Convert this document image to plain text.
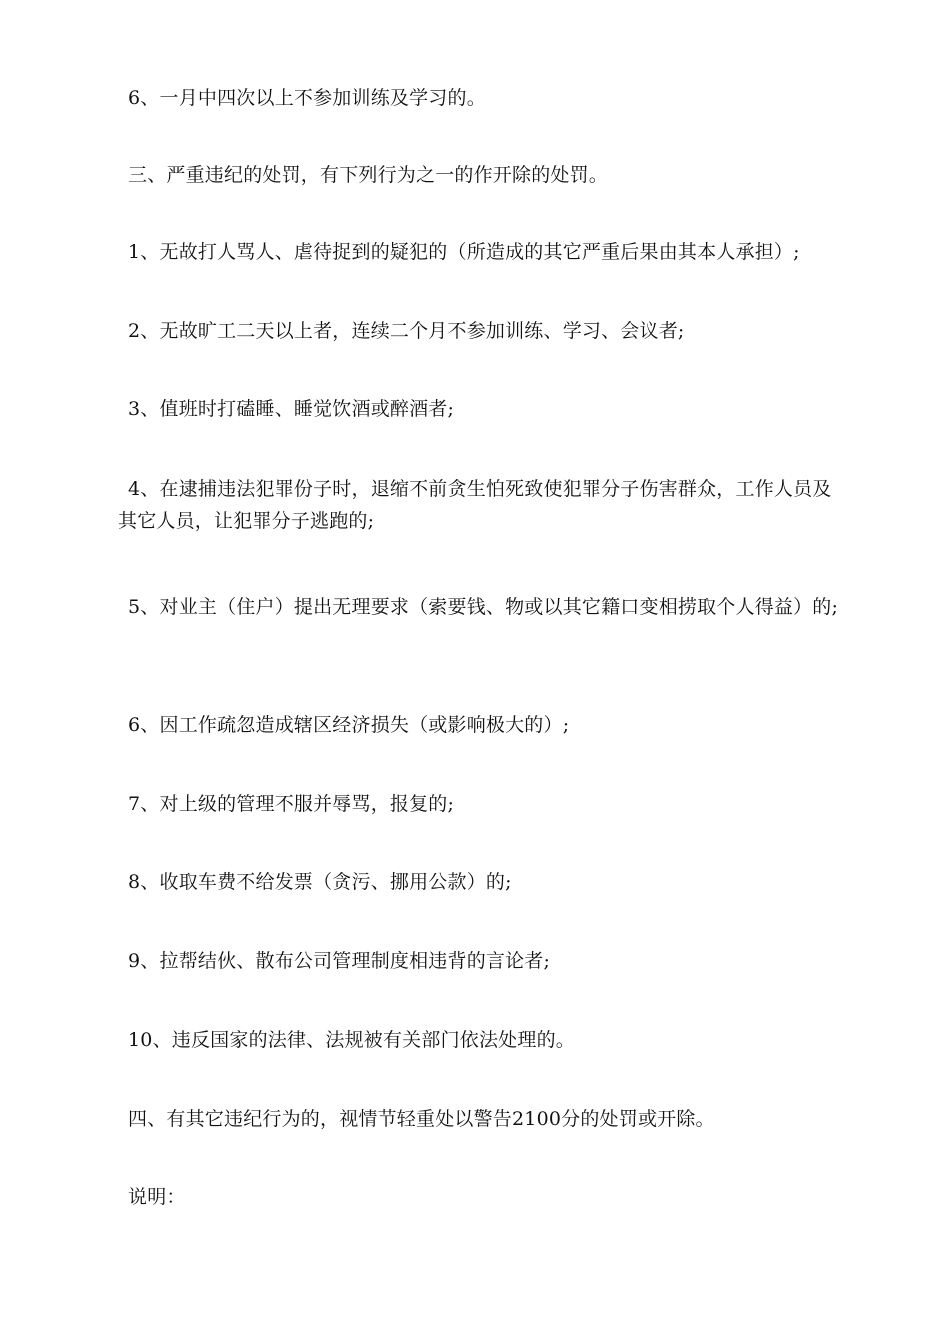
6、一月中四次以上不参加训练及学习的。

三、严重违纪的处罚，有下列行为之一的作开除的处罚。

1、无故打人骂人、虐待捉到的疑犯的（所造成的其它严重后果由其本人承担）;

2、无故旷工二天以上者，连续二个月不参加训练、学习、会议者;

3、值班时打磕睡、睡觉饮酒或醉酒者;

4、在逮捕违法犯罪份子时，退缩不前贪生怕死致使犯罪分子伤害群众，工作人员及其它人员，让犯罪分子逃跑的;

5、对业主（住户）提出无理要求（索要钱、物或以其它籍口变相捞取个人得益）的;

6、因工作疏忽造成辖区经济损失（或影响极大的）;

7、对上级的管理不服并辱骂，报复的;

8、收取车费不给发票（贪污、挪用公款）的;

9、拉帮结伙、散布公司管理制度相违背的言论者;

10、违反国家的法律、法规被有关部门依法处理的。

四、有其它违纪行为的，视情节轻重处以警告2100分的处罚或开除。

说明：
